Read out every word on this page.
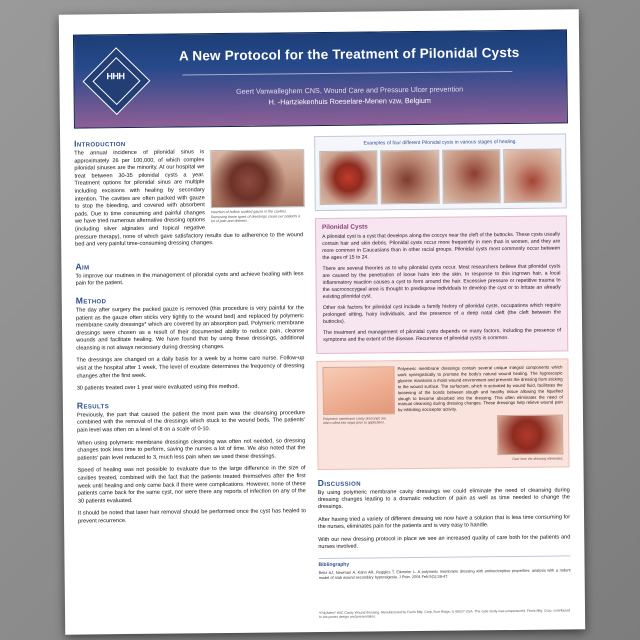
HHH
A New Protocol for the Treatment of Pilonidal Cysts
Geert Vanwalleghem CNS, Wound Care and Pressure Ulcer prevention
H. -Hartziekenhuis Roeselare-Menen vzw, Belgium
Introduction
Insertion of hollow soaked gauze in the cavities. Removing these types of dressings cause our patients a lot of pain and distress.

The annual incidence of pilonidal sinus is approximately 26 per 100,000, of which complex pilonidal sinuses are the minority. At our hospital we treat between 30-35 pilonidal cysts a year. Treatment options for pilonidal sinus are multiple including excisions with healing by secondary intention. The cavities are often packed with gauze to stop the bleeding, and covered with absorbent pads. Due to time consuming and painful changes we have tried numerous alternative dressing options (including silver alginates and topical negative pressure therapy), none of which gave satisfactory results due to adherence to the wound bed and very painful time-consuming dressing changes.

Aim

To improve our routines in the management of pilonidal cysts and achieve healing with less pain for the patient.

Method

The day after surgery the packed gauze is removed (this procedure is very painful for the patient as the gauze often sticks very tightly to the wound bed) and replaced by polymeric membrane cavity dressings* which are covered by an absorption pad. Polymeric membrane dressings were chosen as a result of their documented ability to reduce pain, cleanse wounds and facilitate healing. We have found that by using these dressings, additional cleansing is not always necessary during dressing changes.

The dressings are changed on a daily basis for a week by a home care nurse. Follow-up visit at the hospital after 1 week. The level of exudate determines the frequency of dressing changes after the first week.

30 patients treated over 1 year were evaluated using this method.

Results

Previously, the part that caused the patient the most pain was the cleansing procedure combined with the removal of the dressings which stuck to the wound beds. The patients' pain level was often on a level of 8 on a scale of 0-10.

When using polymeric membrane dressings cleansing was often not needed, so dressing changes took less time to perform, saving the nurses a lot of time. We also noted that the patients' pain level reduced to 3, much less pain when we used these dressings.

Speed of healing was not possible to evaluate due to the large difference in the size of cavities treated, combined with the fact that the patients treated themselves after the first week until healing and only came back if there were complications. However, none of these patients came back for the same cyst, nor were there any reports of infection on any of the 30 patients evaluated.

It should be noted that laser hair removal should be performed once the cyst has healed to prevent recurrence.

Examples of four different Pilonidal cysts in various stages of healing.
Pilonidal Cysts

A pilonidal cyst is a cyst that develops along the coccyx near the cleft of the buttocks. These cysts usually contain hair and skin debris. Pilonidal cysts occur more frequently in men than in women, and they are more common in Caucasians than in other racial groups. Pilonidal cysts most commonly occur between the ages of 15 to 24.

There are several theories as to why pilonidal cysts occur. Most researchers believe that pilonidal cysts are caused by the penetration of loose hairs into the skin. In response to this ingrown hair, a local inflammatory reaction causes a cyst to form around the hair. Excessive pressure or repetitive trauma to the sacrococcygeal area is thought to predispose individuals to develop the cyst or to irritate an already existing pilonidal cyst.

Other risk factors for pilonidal cyst include a family history of pilonidal cysts, occupations which require prolonged sitting, hairy individuals, and the presence of a deep natal cleft (the cleft between the buttocks).

The treatment and management of pilonidal cysts depends on many factors, including the presence of symptoms and the extent of the disease. Recurrence of pilonidal cysts is common.

Polymeric membrane cavity dressings are often rolled into strips prior to application.

Polymeric membrane dressings contain several unique integral components which work synergistically to promote the body's natural wound healing. The hygroscopic glycerin maintains a moist wound environment and prevents the dressing from sticking to the wound surface. The surfactant, which is activated by wound fluid, facilitates the loosening of the bonds between slough and healthy tissue allowing the liquefied slough to become absorbed into the dressing. This often eliminates the need of manual cleansing during dressing changes. These dressings help relieve wound pain by inhibiting nociceptor activity.

Over time the dressing eliminates.
Discussion

By using polymeric membrane cavity dressings we could eliminate the need of cleansing during dressing changes leading to a dramatic reduction of pain as well as time needed to change the dressings.

After having tried a variety of different dressing we now have a solution that is less time consuming for the nurses, eliminates pain for the patients and is very easy to handle.

With our new dressing protocol in place we see an increased quality of care both for the patients and nurses involved.

Bibliography

Beitz AJ, Newman A, Kahn AR, Ruggles T, Eikmeier L. A polymeric membrane dressing with antinociceptive properties: analysis with a rodent model of stab wound secondary hyperalgesia. J Pain. 2004 Feb;5(1):38-47.

*PolyMem* WIC Cavity Wound dressing. Manufactured by Ferris Mfg. Corp, Burr Ridge, IL 60527 USA. The case study was unsponsored. Ferris Mfg. Corp. contributed to the poster design and presentation.
